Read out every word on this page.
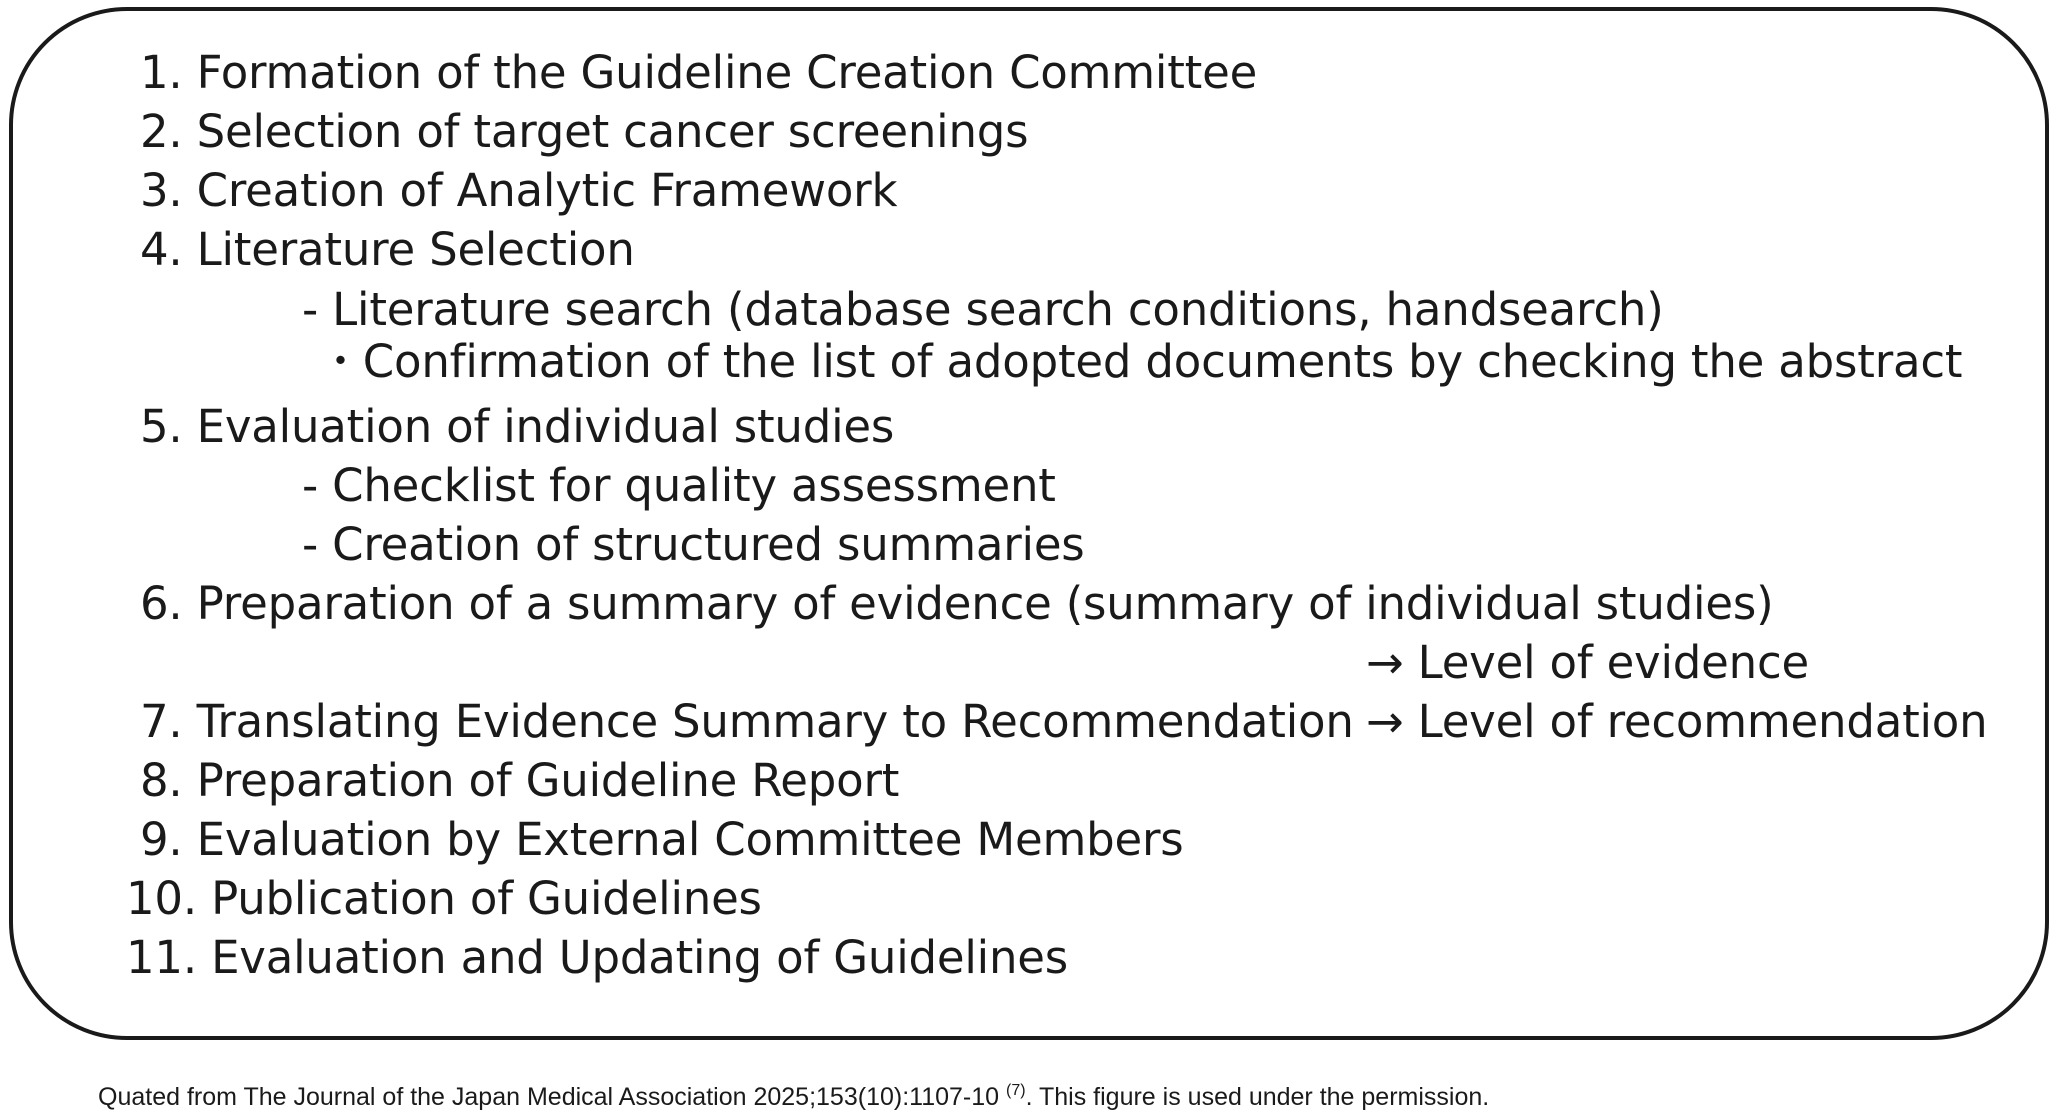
1. Formation of the Guideline Creation Committee
2. Selection of target cancer screenings
3. Creation of Analytic Framework
4. Literature Selection
- Literature search (database search conditions, handsearch)
・Confirmation of the list of adopted documents by checking the abstract
5. Evaluation of individual studies
- Checklist for quality assessment
- Creation of structured summaries
6. Preparation of a summary of evidence (summary of individual studies)
→ Level of evidence
7. Translating Evidence Summary to Recommendation → Level of recommendation
8. Preparation of Guideline Report
9. Evaluation by External Committee Members
10. Publication of Guidelines
11. Evaluation and Updating of Guidelines
Quated from The Journal of the Japan Medical Association 2025;153(10):1107-10 $^{(7)}$. This figure is used under the permission.
